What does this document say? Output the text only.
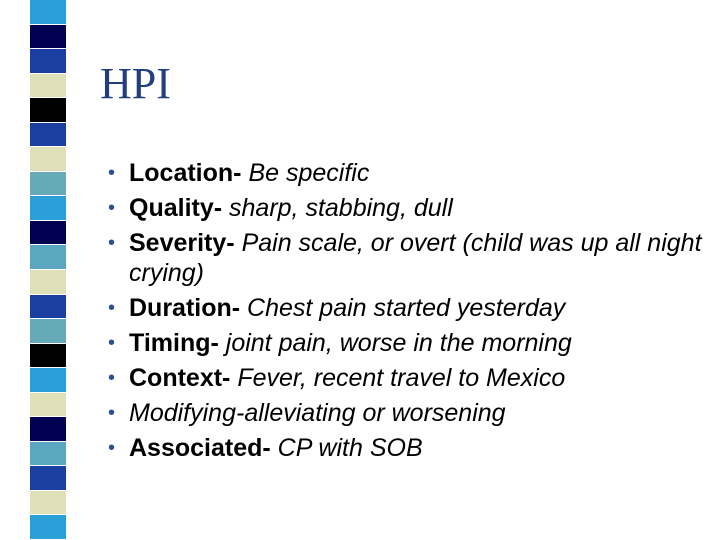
HPI
• Location- Be specific
• Quality- sharp, stabbing, dull
• Severity- Pain scale, or overt (child was up all night crying)
• Duration- Chest pain started yesterday
• Timing- joint pain, worse in the morning
• Context- Fever, recent travel to Mexico
• Modifying-alleviating or worsening
• Associated- CP with SOB
